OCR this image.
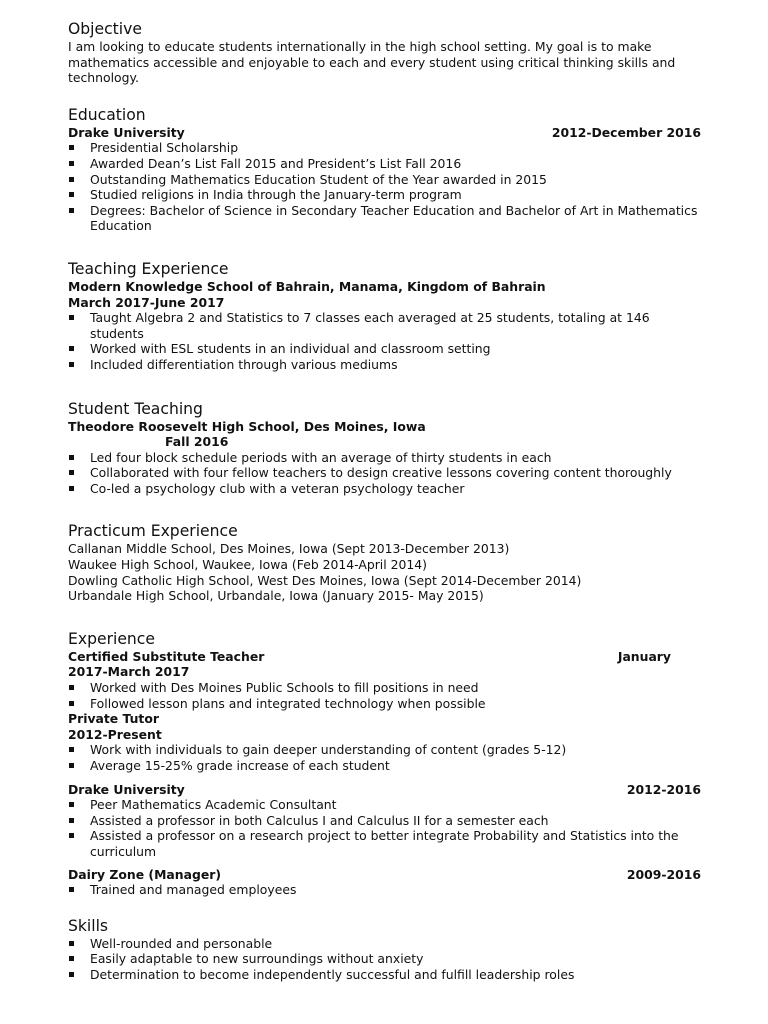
Objective

I am looking to educate students internationally in the high school setting. My goal is to make mathematics accessible and enjoyable to each and every student using critical thinking skills and technology.

Education
Drake University	2012-December 2016
Presidential Scholarship
Awarded Dean’s List Fall 2015 and President’s List Fall 2016
Outstanding Mathematics Education Student of the Year awarded in 2015
Studied religions in India through the January-term program
Degrees: Bachelor of Science in Secondary Teacher Education and Bachelor of Art in Mathematics Education
Teaching Experience
Modern Knowledge School of Bahrain, Manama, Kingdom of Bahrain
March 2017-June 2017
Taught Algebra 2 and Statistics to 7 classes each averaged at 25 students, totaling at 146 students
Worked with ESL students in an individual and classroom setting
Included differentiation through various mediums
Student Teaching
Theodore Roosevelt High School, Des Moines, Iowa
Fall 2016
Led four block schedule periods with an average of thirty students in each
Collaborated with four fellow teachers to design creative lessons covering content thoroughly
Co-led a psychology club with a veteran psychology teacher
Practicum Experience
Callanan Middle School, Des Moines, Iowa (Sept 2013-December 2013)
Waukee High School, Waukee, Iowa (Feb 2014-April 2014)
Dowling Catholic High School, West Des Moines, Iowa (Sept 2014-December 2014)
Urbandale High School, Urbandale, Iowa (January 2015- May 2015)
Experience
Certified Substitute Teacher	January
2017-March 2017
Worked with Des Moines Public Schools to fill positions in need
Followed lesson plans and integrated technology when possible
Private Tutor
2012-Present
Work with individuals to gain deeper understanding of content (grades 5-12)
Average 15-25% grade increase of each student
Drake University	2012-2016
Peer Mathematics Academic Consultant
Assisted a professor in both Calculus I and Calculus II for a semester each
Assisted a professor on a research project to better integrate Probability and Statistics into the curriculum
Dairy Zone (Manager)	2009-2016
Trained and managed employees
Skills
Well-rounded and personable
Easily adaptable to new surroundings without anxiety
Determination to become independently successful and fulfill leadership roles
